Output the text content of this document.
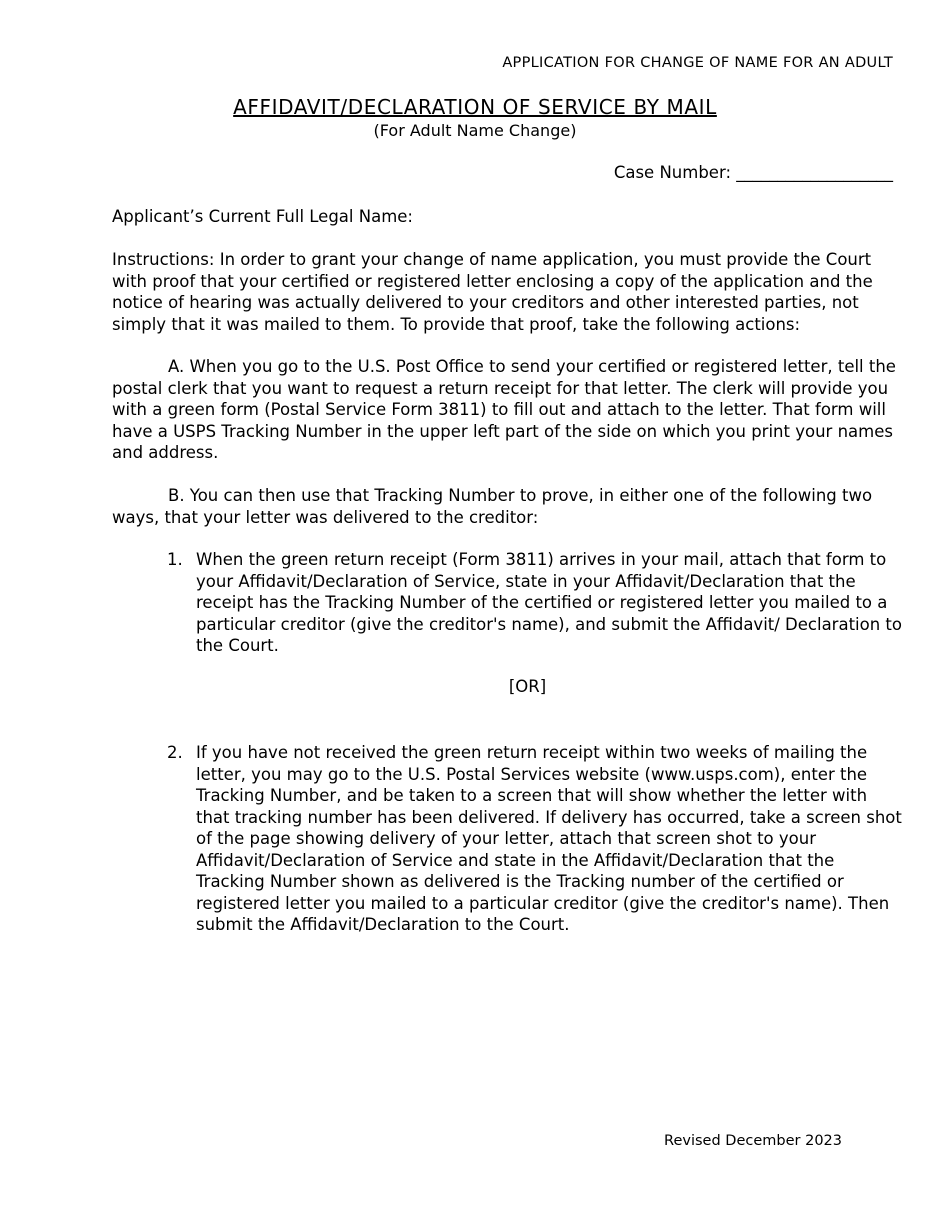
APPLICATION FOR CHANGE OF NAME FOR AN ADULT
AFFIDAVIT/DECLARATION OF SERVICE BY MAIL
(For Adult Name Change)
Case Number: ___________________
Applicant’s Current Full Legal Name:

Instructions: In order to grant your change of name application, you must provide the Court with proof that your certified or registered letter enclosing a copy of the application and the notice of hearing was actually delivered to your creditors and other interested parties, not simply that it was mailed to them. To provide that proof, take the following actions:

A. When you go to the U.S. Post Office to send your certified or registered letter, tell the postal clerk that you want to request a return receipt for that letter. The clerk will provide you with a green form (Postal Service Form 3811) to fill out and attach to the letter. That form will have a USPS Tracking Number in the upper left part of the side on which you print your names and address.

B. You can then use that Tracking Number to prove, in either one of the following two ways, that your letter was delivered to the creditor:

1. When the green return receipt (Form 3811) arrives in your mail, attach that form to your Affidavit/Declaration of Service, state in your Affidavit/Declaration that the receipt has the Tracking Number of the certified or registered letter you mailed to a particular creditor (give the creditor's name), and submit the Affidavit/ Declaration to the Court.
[OR]
2. If you have not received the green return receipt within two weeks of mailing the letter, you may go to the U.S. Postal Services website (www.usps.com), enter the Tracking Number, and be taken to a screen that will show whether the letter with that tracking number has been delivered. If delivery has occurred, take a screen shot of the page showing delivery of your letter, attach that screen shot to your Affidavit/Declaration of Service and state in the Affidavit/Declaration that the Tracking Number shown as delivered is the Tracking number of the certified or registered letter you mailed to a particular creditor (give the creditor's name). Then submit the Affidavit/Declaration to the Court.
Revised December 2023
